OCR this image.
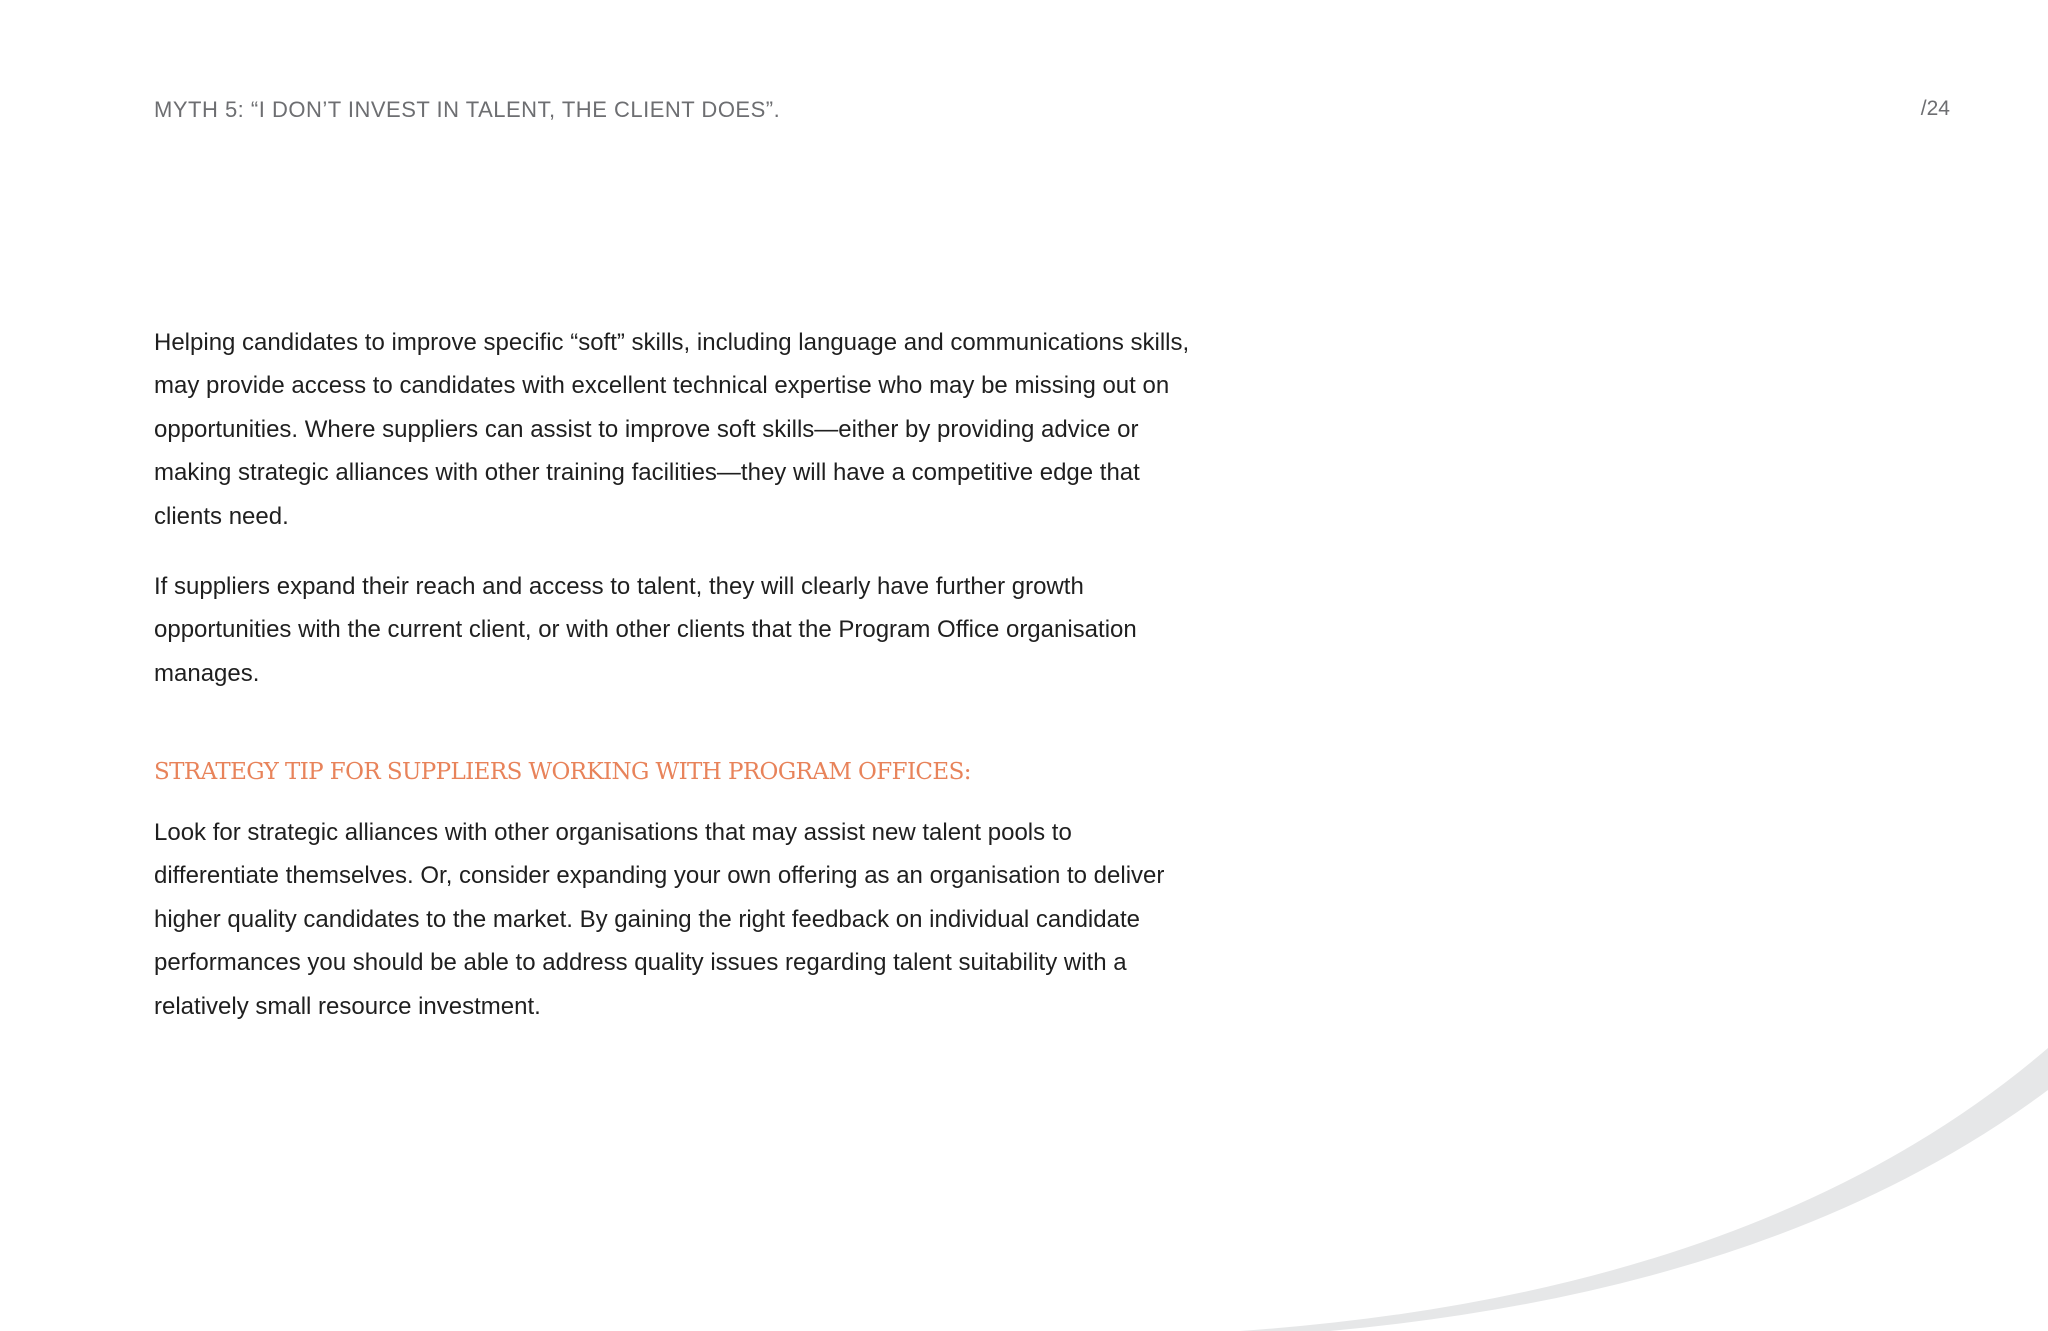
MYTH 5: “I DON’T INVEST IN TALENT, THE CLIENT DOES”.	/24

Helping candidates to improve specific “soft” skills, including language and communications skills, may provide access to candidates with excellent technical expertise who may be missing out on opportunities. Where suppliers can assist to improve soft skills—either by providing advice or making strategic alliances with other training facilities—they will have a competitive edge that clients need.

If suppliers expand their reach and access to talent, they will clearly have further growth opportunities with the current client, or with other clients that the Program Office organisation manages.

STRATEGY TIP FOR SUPPLIERS WORKING WITH PROGRAM OFFICES:

Look for strategic alliances with other organisations that may assist new talent pools to differentiate themselves. Or, consider expanding your own offering as an organisation to deliver higher quality candidates to the market. By gaining the right feedback on individual candidate performances you should be able to address quality issues regarding talent suitability with a relatively small resource investment.
